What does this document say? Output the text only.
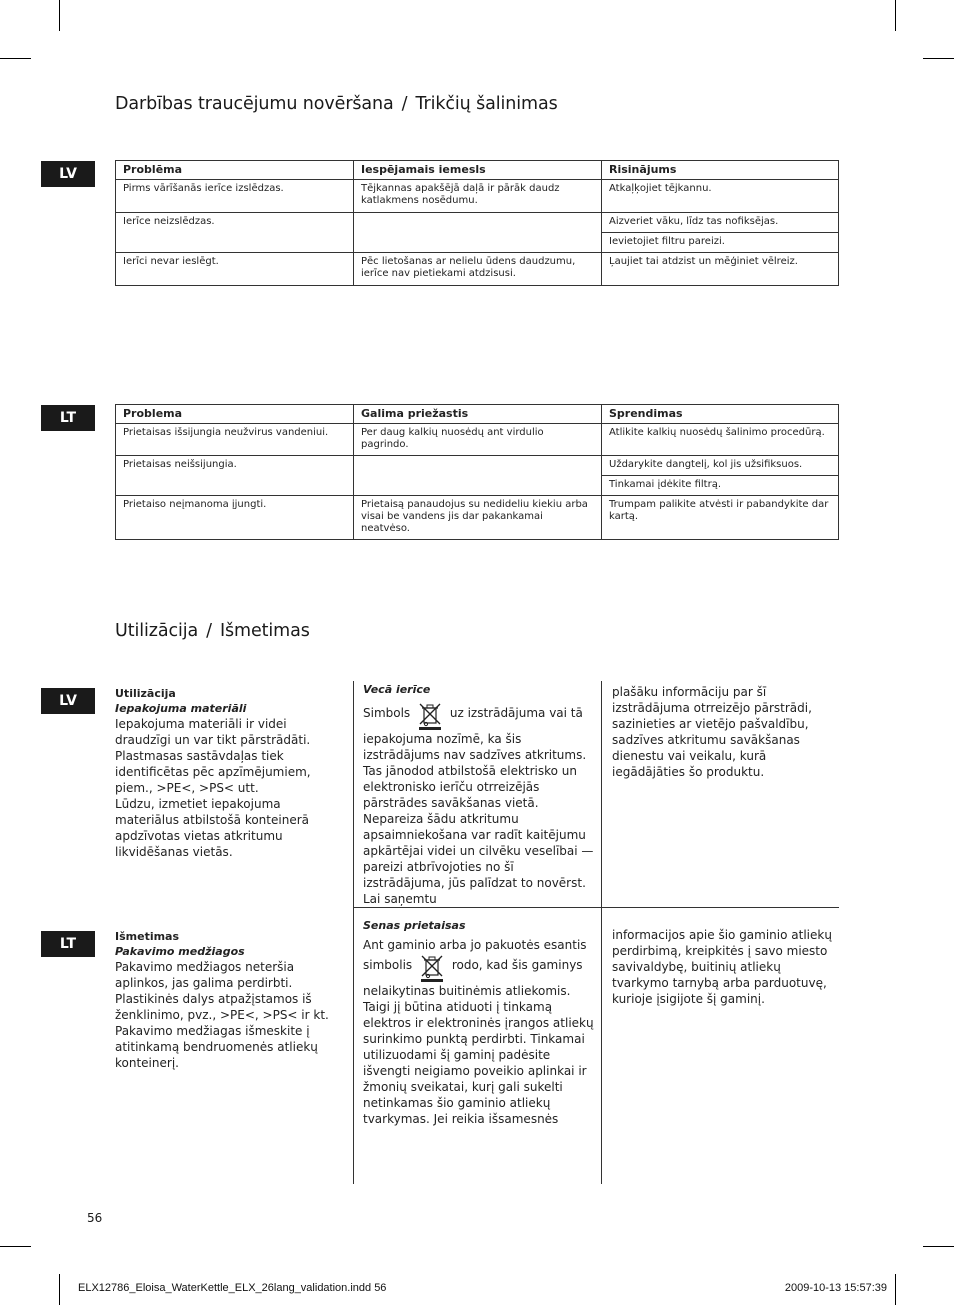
Darbības traucējumu novēršana / Trikčių šalinimas
LV	Problēma	Iespējamais iemesls	Risinājums
Pirms vārīšanās ierīce izslēdzas.	Tējkannas apakšējā daļā ir pārāk daudz katlakmens nosēdumu.	Atkaļķojiet tējkannu.
Ierīce neizslēdzas.		Aizveriet vāku, līdz tas nofiksējas.
		Ievietojiet filtru pareizi.
Ierīci nevar ieslēgt.	Pēc lietošanas ar nelielu ūdens daudzumu, ierīce nav pietiekami atdzisusi.	Ļaujiet tai atdzist un mēģiniet vēlreiz.
LT	Problema	Galima priežastis	Sprendimas
Prietaisas išsijungia neužvirus vandeniui.	Per daug kalkių nuosėdų ant virdulio pagrindo.	Atlikite kalkių nuosėdų šalinimo procedūrą.
Prietaisas neišsijungia.		Uždarykite dangtelį, kol jis užsifiksuos.
		Tinkamai įdėkite filtrą.
Prietaiso neįmanoma įjungti.	Prietaisą panaudojus su nedideliu kiekiu arba visai be vandens jis dar pakankamai neatvėso.	Trumpam palikite atvėsti ir pabandykite dar kartą.
Utilizācija / Išmetimas
LV	Utilizācija
Iepakojuma materiāli
Iepakojuma materiāli ir videi draudzīgi un var tikt pārstrādāti. Plastmasas sastāvdaļas tiek identificētas pēc apzīmējumiem, piem., >PE<, >PS< utt.
Lūdzu, izmetiet iepakojuma materiālus atbilstošā konteinerā apdzīvotas vietas atkritumu likvidēšanas vietās.
Vecā ierīce
Simbols	uz izstrādājuma vai tā iepakojuma nozīmē, ka šis izstrādājums nav sadzīves atkritums. Tas jānodod atbilstošā elektrisko un elektronisko ierīču otrreizējās pārstrādes savākšanas vietā. Nepareiza šādu atkritumu apsaimniekošana var radīt kaitējumu apkārtējai videi un cilvēku veselībai — pareizi atbrīvojoties no šī izstrādājuma, jūs palīdzat to novērst. Lai saņemtu
plašāku informāciju par šī izstrādājuma otrreizējo pārstrādi, sazinieties ar vietējo pašvaldību, sadzīves atkritumu savākšanas dienestu vai veikalu, kurā iegādājāties šo produktu.
LT	Išmetimas
Pakavimo medžiagos
Pakavimo medžiagos neteršia aplinkos, jas galima perdirbti. Plastikinės dalys atpažįstamos iš ženklinimo, pvz., >PE<, >PS< ir kt.
Pakavimo medžiagas išmeskite į atitinkamą bendruomenės atliekų konteinerį.
Senas prietaisas
Ant gaminio arba jo pakuotės esantis simbolis	rodo, kad šis gaminys nelaikytinas buitinėmis atliekomis. Taigi jį būtina atiduoti į tinkamą elektros ir elektroninės įrangos atliekų surinkimo punktą perdirbti. Tinkamai utilizuodami šį gaminį padėsite išvengti neigiamo poveikio aplinkai ir žmonių sveikatai, kurį gali sukelti netinkamas šio gaminio atliekų tvarkymas. Jei reikia išsamesnės
informacijos apie šio gaminio atliekų perdirbimą, kreipkitės į savo miesto savivaldybę, buitinių atliekų tvarkymo tarnybą arba parduotuvę, kurioje įsigijote šį gaminį.
56
ELX12786_Eloisa_WaterKettle_ELX_26lang_validation.indd 56	2009-10-13 15:57:39
